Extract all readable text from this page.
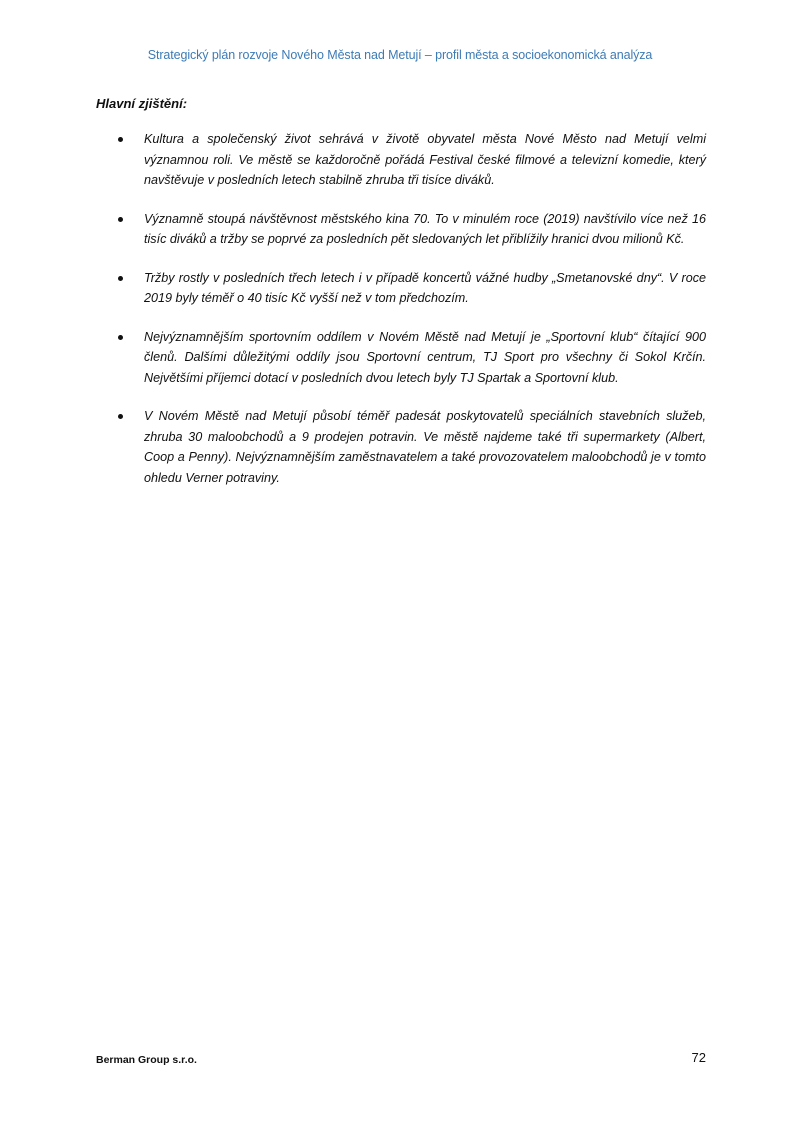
Strategický plán rozvoje Nového Města nad Metují – profil města a socioekonomická analýza
Hlavní zjištění:
Kultura a společenský život sehrává v životě obyvatel města Nové Město nad Metují velmi významnou roli. Ve městě se každoročně pořádá Festival české filmové a televizní komedie, který navštěvuje v posledních letech stabilně zhruba tři tisíce diváků.
Významně stoupá návštěvnost městského kina 70. To v minulém roce (2019) navštívilo více než 16 tisíc diváků a tržby se poprvé za posledních pět sledovaných let přiblížily hranici dvou milionů Kč.
Tržby rostly v posledních třech letech i v případě koncertů vážné hudby „Smetanovské dny“. V roce 2019 byly téměř o 40 tisíc Kč vyšší než v tom předchozím.
Nejvýznamnějším sportovním oddílem v Novém Městě nad Metují je „Sportovní klub“ čítající 900 členů. Dalšími důležitými oddíly jsou Sportovní centrum, TJ Sport pro všechny či Sokol Krčín. Největšími příjemci dotací v posledních dvou letech byly TJ Spartak a Sportovní klub.
V Novém Městě nad Metují působí téměř padesát poskytovatelů speciálních stavebních služeb, zhruba 30 maloobchodů a 9 prodejen potravin. Ve městě najdeme také tři supermarkety (Albert, Coop a Penny). Nejvýznamnějším zaměstnavatelem a také provozovatelem maloobchodů je v tomto ohledu Verner potraviny.
Berman Group s.r.o.	72
